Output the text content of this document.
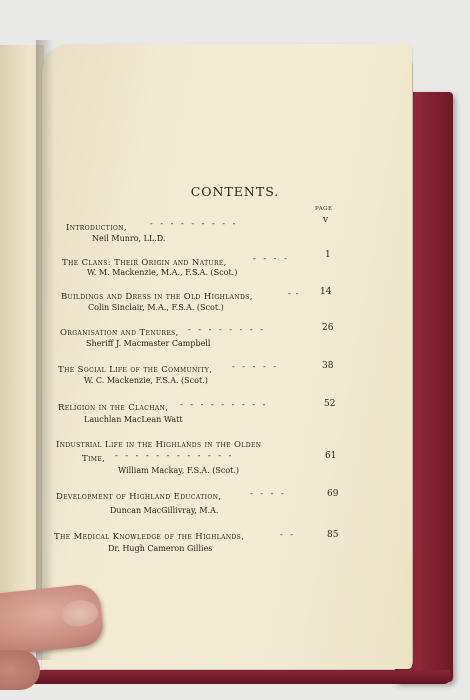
CONTENTS.
PAGE
Introduction,	-   -   -   -   -   -   -   -   -	v
Neil Munro, LL.D.
The Clans: Their Origin and Nature,	-   -   -   -	1
W. M. Mackenzie, M.A., F.S.A. (Scot.)
Buildings and Dress in the Old Highlands,	-  - 14
Colin Sinclair, M.A., F.S.A. (Scot.)
Organisation and Tenures, -   -   -   -   -   -   -   -	26
Sheriff J. Macmaster Campbell
The Social Life of the Community, -   -   -   -   -	38
W. C. Mackenzie, F.S.A. (Scot.)
Religion in the Clachan, -   -   -   -   -   -   -   -   -	52
Lauchlan MacLean Watt
Industrial Life in the Highlands in the Olden
Time, -   -   -   -   -   -   -   -   -   -   -   -	61
William Mackay, F.S.A. (Scot.)
Development of Highland Education,	-   -   -   -	69
Duncan MacGillivray, M.A.
The Medical Knowledge of the Highlands,	-   -	85
Dr. Hugh Cameron Gillies
